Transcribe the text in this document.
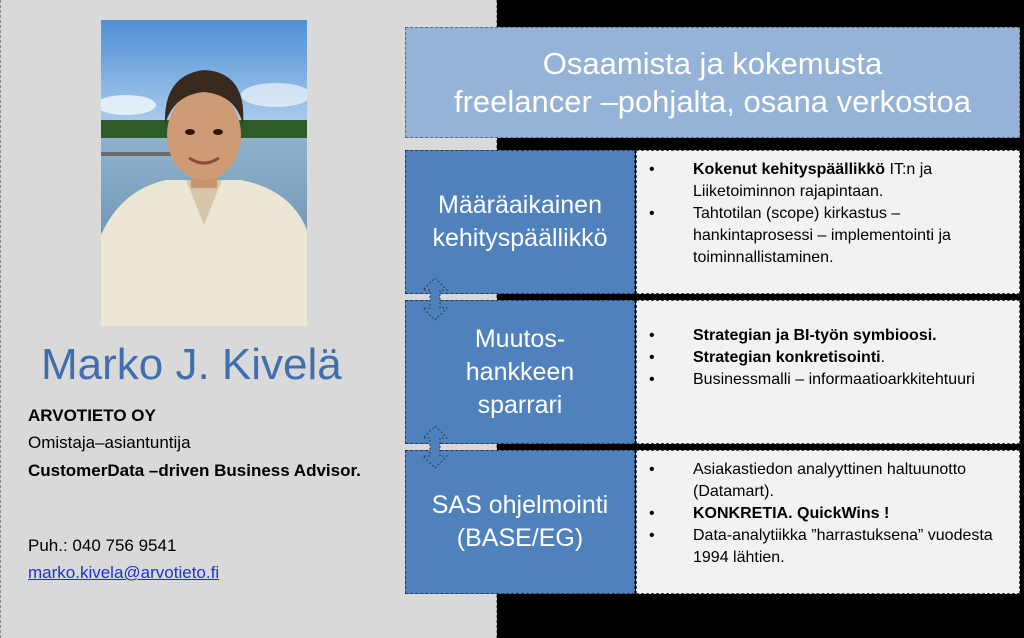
Marko J. Kivelä
ARVOTIETO OY
Omistaja–asiantuntija
CustomerData –driven Business Advisor.
Puh.: 040 756 9541
marko.kivela@arvotieto.fi
Osaamista ja kokemusta
freelancer –pohjalta, osana verkostoa
Määräaikainen
kehityspäällikkö
• Kokenut kehityspäällikkö IT:n ja Liiketoiminnon rajapintaan.
• Tahtotilan (scope) kirkastus – hankintaprosessi – implementointi ja toiminnallistaminen.
Muutos-
hankkeen
sparrari
• Strategian ja BI-työn symbioosi.
• Strategian konkretisointi.
• Businessmalli – informaatioarkkitehtuuri
SAS ohjelmointi
(BASE/EG)
• Asiakastiedon analyyttinen haltuunotto (Datamart).
• KONKRETIA. QuickWins !
• Data-analytiikka ”harrastuksena” vuodesta 1994 lähtien.
